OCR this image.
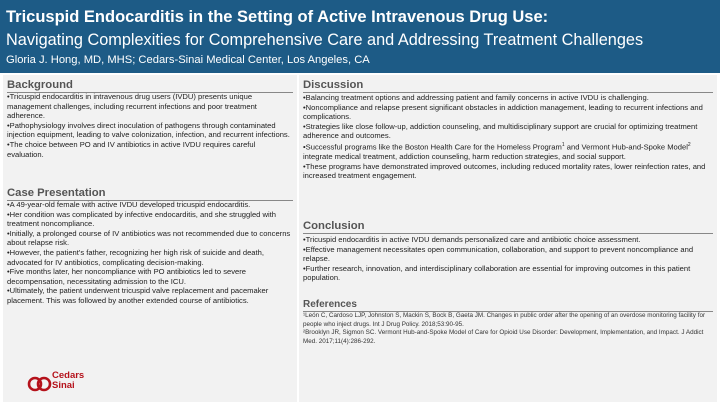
Tricuspid Endocarditis in the Setting of Active Intravenous Drug Use:
Navigating Complexities for Comprehensive Care and Addressing Treatment Challenges
Gloria J. Hong, MD, MHS; Cedars-Sinai Medical Center, Los Angeles, CA
Background

•Tricuspid endocarditis in intravenous drug users (IVDU) presents unique management challenges, including recurrent infections and poor treatment adherence.

•Pathophysiology involves direct inoculation of pathogens through contaminated injection equipment, leading to valve colonization, infection, and recurrent infections.

•The choice between PO and IV antibiotics in active IVDU requires careful evaluation.

Case Presentation

•A 49-year-old female with active IVDU developed tricuspid endocarditis.

•Her condition was complicated by infective endocarditis, and she struggled with treatment noncompliance.

•Initially, a prolonged course of IV antibiotics was not recommended due to concerns about relapse risk.

•However, the patient's father, recognizing her high risk of suicide and death, advocated for IV antibiotics, complicating decision-making.

•Five months later, her noncompliance with PO antibiotics led to severe decompensation, necessitating admission to the ICU.

•Ultimately, the patient underwent tricuspid valve replacement and pacemaker placement. This was followed by another extended course of antibiotics.

Cedars
Sinai
Discussion

•Balancing treatment options and addressing patient and family concerns in active IVDU is challenging.

•Noncompliance and relapse present significant obstacles in addiction management, leading to recurrent infections and complications.

•Strategies like close follow-up, addiction counseling, and multidisciplinary support are crucial for optimizing treatment adherence and outcomes.

•Successful programs like the Boston Health Care for the Homeless Program$^1$ and Vermont Hub-and-Spoke Model$^2$ integrate medical treatment, addiction counseling, harm reduction strategies, and social support.

•These programs have demonstrated improved outcomes, including reduced mortality rates, lower reinfection rates, and increased treatment engagement.

Conclusion

•Tricuspid endocarditis in active IVDU demands personalized care and antibiotic choice assessment.

•Effective management necessitates open communication, collaboration, and support to prevent noncompliance and relapse.

•Further research, innovation, and interdisciplinary collaboration are essential for improving outcomes in this patient population.

References

¹León C, Cardoso LJP, Johnston S, Mackin S, Bock B, Gaeta JM. Changes in public order after the opening of an overdose monitoring facility for people who inject drugs. Int J Drug Policy. 2018;53:90-95.

²Brooklyn JR, Sigmon SC. Vermont Hub-and-Spoke Model of Care for Opioid Use Disorder: Development, Implementation, and Impact. J Addict Med. 2017;11(4):286-292.
